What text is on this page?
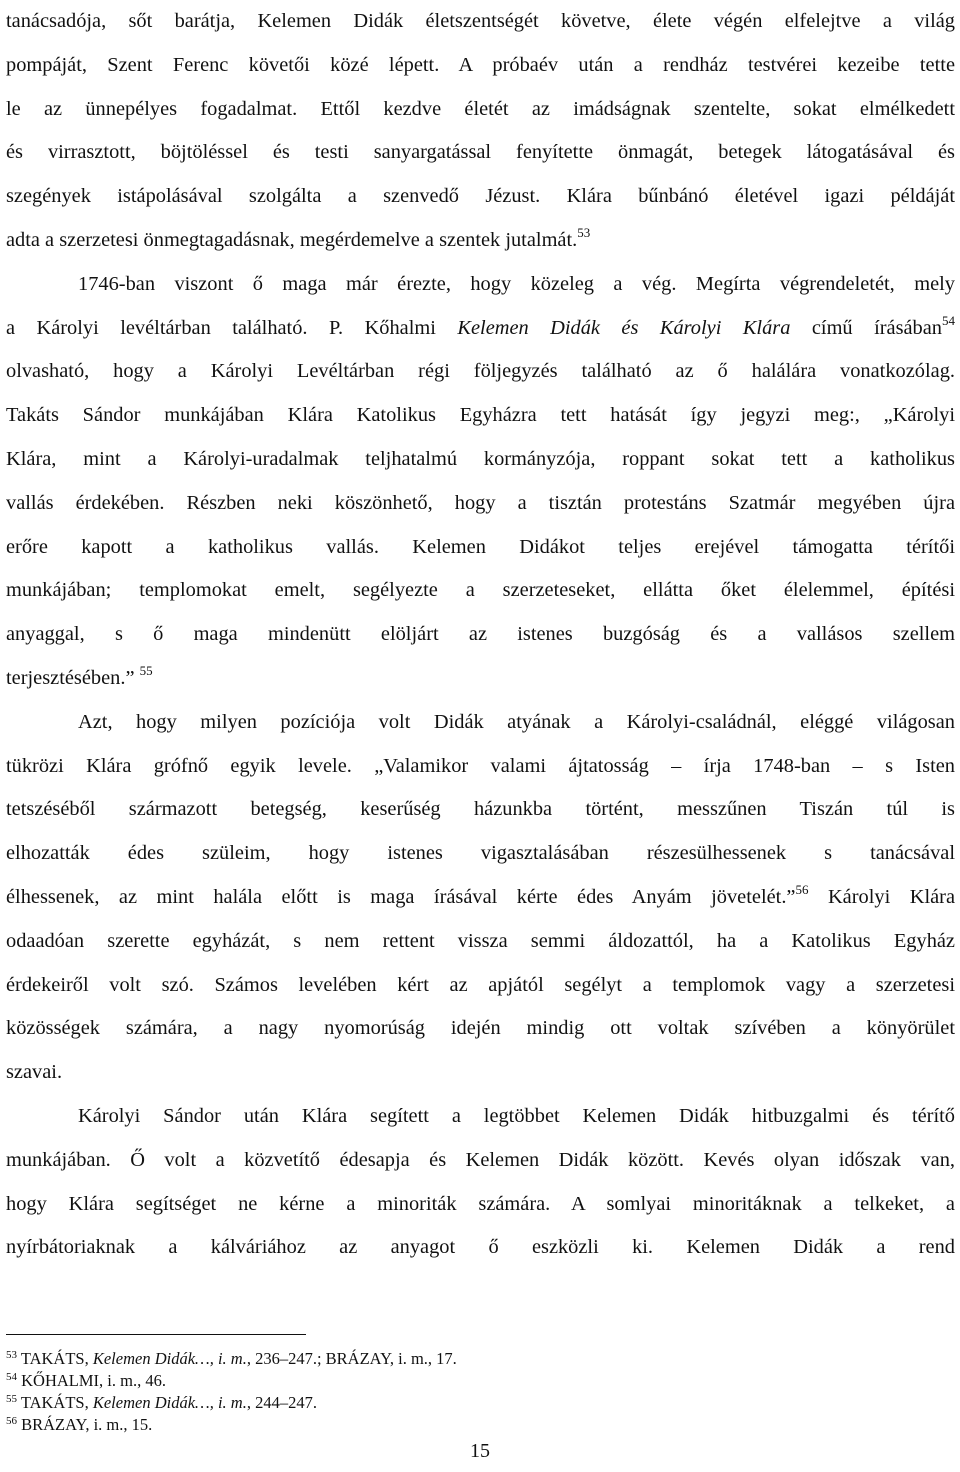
tanácsadója, sőt barátja, Kelemen Didák életszentségét követve, élete végén elfelejtve a világ
pompáját, Szent Ferenc követői közé lépett. A próbaév után a rendház testvérei kezeibe tette
le az ünnepélyes fogadalmat. Ettől kezdve életét az imádságnak szentelte, sokat elmélkedett
és virrasztott, böjtöléssel és testi sanyargatással fenyítette önmagát, betegek látogatásával és
szegények istápolásával szolgálta a szenvedő Jézust. Klára bűnbánó életével igazi példáját
adta a szerzetesi önmegtagadásnak, megérdemelve a szentek jutalmát.$^{53}$
1746-ban viszont ő maga már érezte, hogy közeleg a vég. Megírta végrendeletét, mely
a Károlyi levéltárban található. P. Kőhalmi Kelemen Didák és Károlyi Klára című írásában$^{54}$
olvasható, hogy a Károlyi Levéltárban régi följegyzés található az ő halálára vonatkozólag.
Takáts Sándor munkájában Klára Katolikus Egyházra tett hatását így jegyzi meg:, „Károlyi
Klára, mint a Károlyi-uradalmak teljhatalmú kormányzója, roppant sokat tett a katholikus
vallás érdekében. Részben neki köszönhető, hogy a tisztán protestáns Szatmár megyében újra
erőre kapott a katholikus vallás. Kelemen Didákot teljes erejével támogatta térítői
munkájában; templomokat emelt, segélyezte a szerzeteseket, ellátta őket élelemmel, építési
anyaggal, s ő maga mindenütt elöljárt az istenes buzgóság és a vallásos szellem
terjesztésében.” $^{55}$
Azt, hogy milyen pozíciója volt Didák atyának a Károlyi-családnál, eléggé világosan
tükrözi Klára grófnő egyik levele. „Valamikor valami ájtatosság – írja 1748-ban – s Isten
tetszéséből származott betegség, keserűség házunkba történt, messzűnen Tiszán túl is
elhozatták édes szüleim, hogy istenes vigasztalásában részesülhessenek s tanácsával
élhessenek, az mint halála előtt is maga írásával kérte édes Anyám jövetelét.”$^{56}$ Károlyi Klára
odaadóan szerette egyházát, s nem rettent vissza semmi áldozattól, ha a Katolikus Egyház
érdekeiről volt szó. Számos levelében kért az apjától segélyt a templomok vagy a szerzetesi
közösségek számára, a nagy nyomorúság idején mindig ott voltak szívében a könyörület
szavai.
Károlyi Sándor után Klára segített a legtöbbet Kelemen Didák hitbuzgalmi és térítő
munkájában. Ő volt a közvetítő édesapja és Kelemen Didák között. Kevés olyan időszak van,
hogy Klára segítséget ne kérne a minoriták számára. A somlyai minoritáknak a telkeket, a
nyírbátoriaknak a kálváriához az anyagot ő eszközli ki. Kelemen Didák a rend
$^{53}$ TAKÁTS, Kelemen Didák…, i. m., 236–247.; BRÁZAY, i. m., 17.
$^{54}$ KŐHALMI, i. m., 46.
$^{55}$ TAKÁTS, Kelemen Didák…, i. m., 244–247.
$^{56}$ BRÁZAY, i. m., 15.
15
